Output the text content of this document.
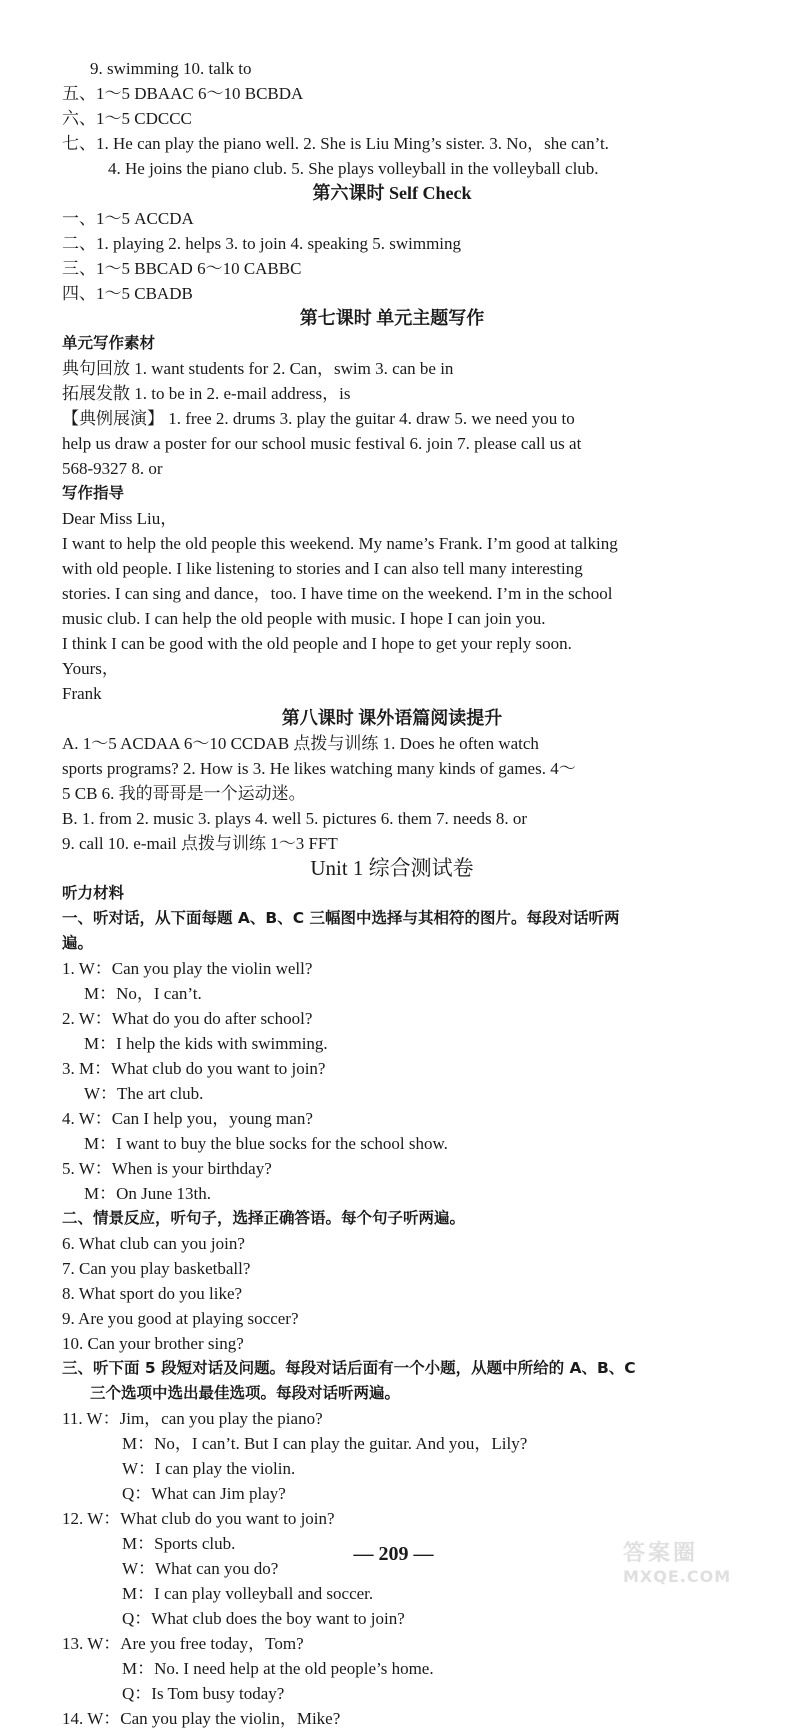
9. swimming 10. talk to
五、1～5 DBAAC 6～10 BCBDA
六、1～5 CDCCC
七、1. He can play the piano well. 2. She is Liu Ming’s sister. 3. No，she can’t.
4. He joins the piano club. 5. She plays volleyball in the volleyball club.
第六课时 Self Check
一、1～5 ACCDA
二、1. playing 2. helps 3. to join 4. speaking 5. swimming
三、1～5 BBCAD 6～10 CABBC
四、1～5 CBADB
第七课时 单元主题写作
单元写作素材
典句回放 1. want students for 2. Can，swim 3. can be in
拓展发散 1. to be in 2. e-mail address，is
【典例展演】 1. free 2. drums 3. play the guitar 4. draw 5. we need you to
help us draw a poster for our school music festival 6. join 7. please call us at
568-9327 8. or
写作指导
Dear Miss Liu，
I want to help the old people this weekend. My name’s Frank. I’m good at talking
with old people. I like listening to stories and I can also tell many interesting
stories. I can sing and dance，too. I have time on the weekend. I’m in the school
music club. I can help the old people with music. I hope I can join you.
I think I can be good with the old people and I hope to get your reply soon.
Yours，
Frank
第八课时 课外语篇阅读提升
A. 1～5 ACDAA 6～10 CCDAB 点拨与训练 1. Does he often watch
sports programs? 2. How is 3. He likes watching many kinds of games. 4～
5 CB 6. 我的哥哥是一个运动迷。
B. 1. from 2. music 3. plays 4. well 5. pictures 6. them 7. needs 8. or
9. call 10. e-mail 点拨与训练 1～3 FFT
Unit 1 综合测试卷
听力材料
一、听对话，从下面每题 A、B、C 三幅图中选择与其相符的图片。每段对话听两
遍。
1. W：Can you play the violin well?
M：No，I can’t.
2. W：What do you do after school?
M：I help the kids with swimming.
3. M：What club do you want to join?
W：The art club.
4. W：Can I help you，young man?
M：I want to buy the blue socks for the school show.
5. W：When is your birthday?
M：On June 13th.
二、情景反应，听句子，选择正确答语。每个句子听两遍。
6. What club can you join?
7. Can you play basketball?
8. What sport do you like?
9. Are you good at playing soccer?
10. Can your brother sing?
三、听下面 5 段短对话及问题。每段对话后面有一个小题，从题中所给的 A、B、C
三个选项中选出最佳选项。每段对话听两遍。
11. W：Jim，can you play the piano?
M：No，I can’t. But I can play the guitar. And you，Lily?
W：I can play the violin.
Q：What can Jim play?
12. W：What club do you want to join?
M：Sports club.
W：What can you do?
M：I can play volleyball and soccer.
Q：What club does the boy want to join?
13. W：Are you free today，Tom?
M：No. I need help at the old people’s home.
Q：Is Tom busy today?
14. W：Can you play the violin，Mike?
— 209 —	答案圈
MXQE.COM
